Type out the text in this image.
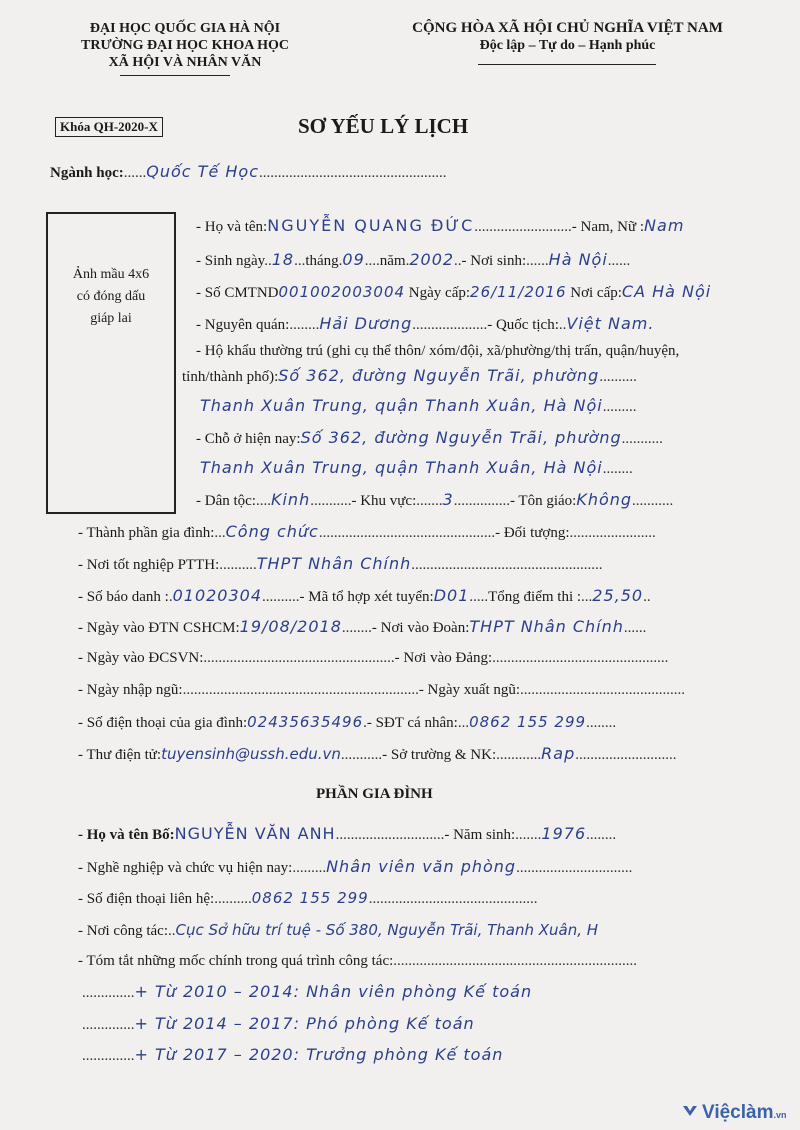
ĐẠI HỌC QUỐC GIA HÀ NỘI
TRƯỜNG ĐẠI HỌC KHOA HỌC
XÃ HỘI VÀ NHÂN VĂN
CỘNG HÒA XÃ HỘI CHỦ NGHĨA VIỆT NAM
Độc lập – Tự do – Hạnh phúc
Khóa QH-2020-X	SƠ YẾU LÝ LỊCH
Ngành học:......Quốc Tế Học..................................................
Ảnh mầu 4x6
có đóng dấu
giáp lai
- Họ và tên:NGUYỄN QUANG ĐỨC..........................- Nam, Nữ :Nam
- Sinh ngày..18...tháng.09....năm.2002..- Nơi sinh:......Hà Nội......
- Số CMTND001002003004 Ngày cấp:26/11/2016 Nơi cấp:CA Hà Nội
- Nguyên quán:........Hải Dương....................- Quốc tịch:..Việt Nam.
- Hộ khẩu thường trú (ghi cụ thể thôn/ xóm/đội, xã/phường/thị trấn, quận/huyện,
tỉnh/thành phố):Số 362, đường Nguyễn Trãi, phường..........
Thanh Xuân Trung, quận Thanh Xuân, Hà Nội.........
- Chỗ ở hiện nay:Số 362, đường Nguyễn Trãi, phường...........
Thanh Xuân Trung, quận Thanh Xuân, Hà Nội........
- Dân tộc:....Kinh...........- Khu vực:.......3...............- Tôn giáo:Không...........
- Thành phần gia đình:...Công chức...............................................- Đối tượng:.......................
- Nơi tốt nghiệp PTTH:..........THPT Nhân Chính...................................................
- Số báo danh :.01020304..........- Mã tổ hợp xét tuyển:D01.....Tổng điểm thi :...25,50..
- Ngày vào ĐTN CSHCM:19/08/2018........- Nơi vào Đoàn:THPT Nhân Chính......
- Ngày vào ĐCSVN:...................................................- Nơi vào Đảng:...............................................
- Ngày nhập ngũ:...............................................................- Ngày xuất ngũ:............................................
- Số điện thoại của gia đình:02435635496.- SĐT cá nhân:...0862 155 299........
- Thư điện tử:tuyensinh@ussh.edu.vn...........- Sở trường & NK:............Rap...........................
PHẦN GIA ĐÌNH
- Họ và tên Bố:NGUYỄN VĂN ANH.............................- Năm sinh:.......1976........
- Nghề nghiệp và chức vụ hiện nay:.........Nhân viên văn phòng...............................
- Số điện thoại liên hệ:..........0862 155 299.............................................
- Nơi công tác:..Cục Sở hữu trí tuệ - Số 380, Nguyễn Trãi, Thanh Xuân, H
- Tóm tắt những mốc chính trong quá trình công tác:.................................................................
..............+ Từ 2010 – 2014: Nhân viên phòng Kế toán
..............+ Từ 2014 – 2017: Phó phòng Kế toán
..............+ Từ 2017 – 2020: Trưởng phòng Kế toán
Việclàm.vn
